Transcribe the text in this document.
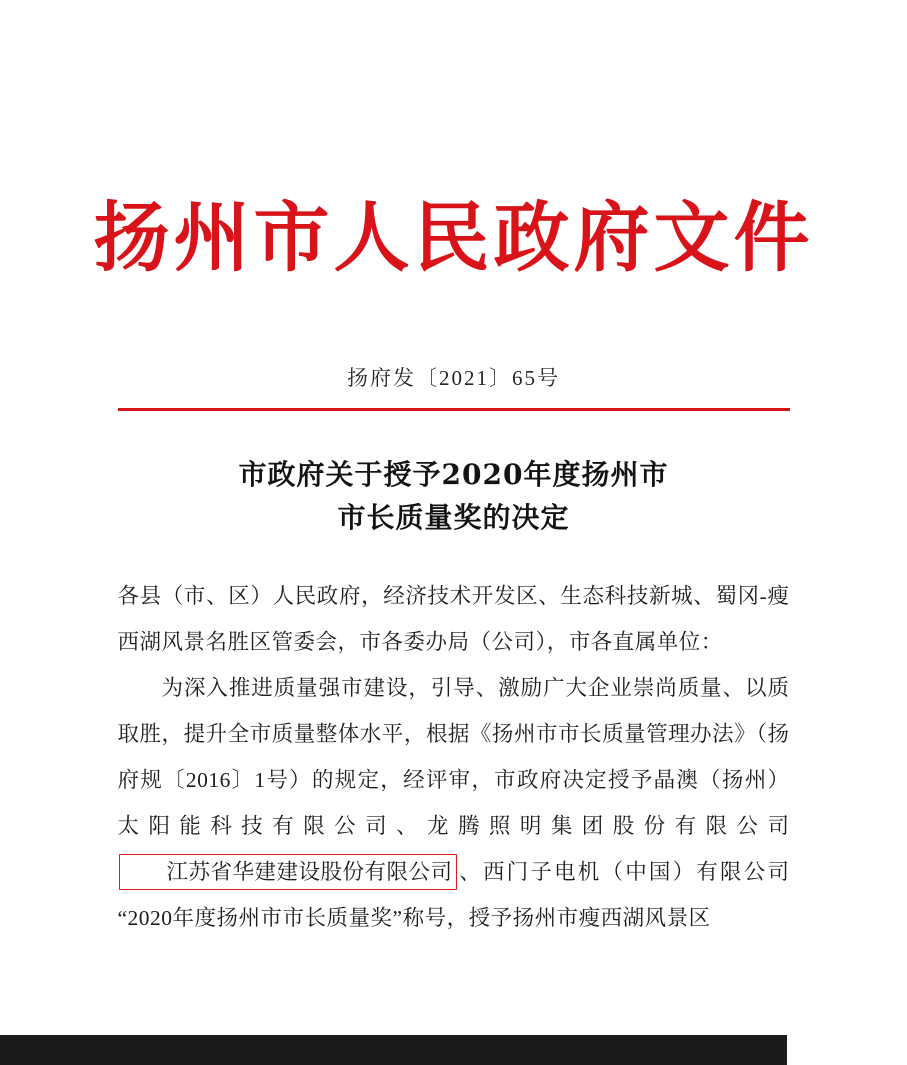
扬州市人民政府文件
扬府发〔2021〕65号
市政府关于授予2020年度扬州市
市长质量奖的决定

各县（市、区）人民政府，经济技术开发区、生态科技新城、蜀冈-瘦西湖风景名胜区管委会，市各委办局（公司），市各直属单位：

为深入推进质量强市建设，引导、激励广大企业崇尚质量、以质取胜，提升全市质量整体水平，根据《扬州市市长质量管理办法》（扬府规〔2016〕1号）的规定，经评审，市政府决定授予晶澳（扬州）太阳能科技有限公司、龙腾照明集团股份有限公司江苏省华建建设股份有限公司 、西门子电机（中国）有限公司“2020年度扬州市市长质量奖”称号，授予扬州市瘦西湖风景区
